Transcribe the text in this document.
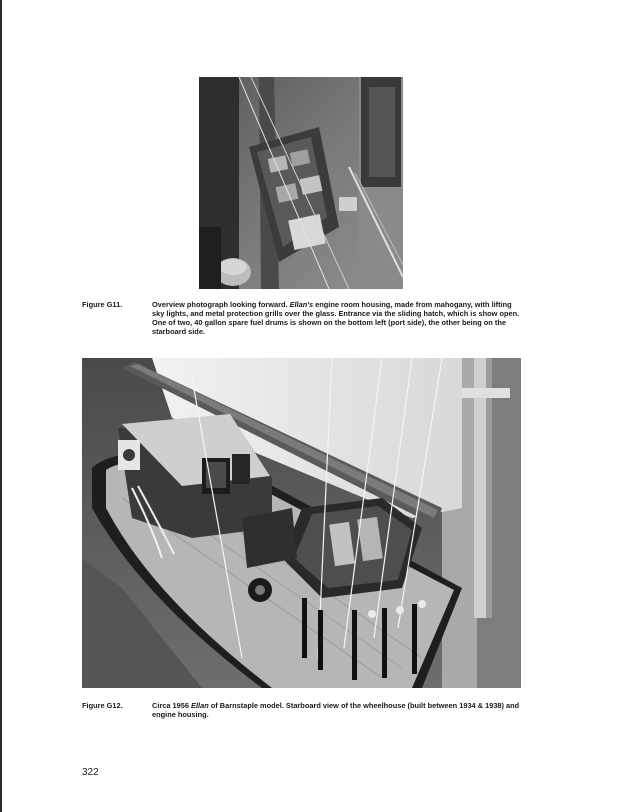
Figure G11.	Overview photograph looking forward. Ellan's engine room housing, made from mahogany, with lifting sky lights, and metal protection grills over the glass. Entrance via the sliding hatch, which is show open. One of two, 40 gallon spare fuel drums is shown on the bottom left (port side), the other being on the starboard side.
Figure G12.	Circa 1956 Ellan of Barnstaple model. Starboard view of the wheelhouse (built between 1934 & 1938) and engine housing.
322
